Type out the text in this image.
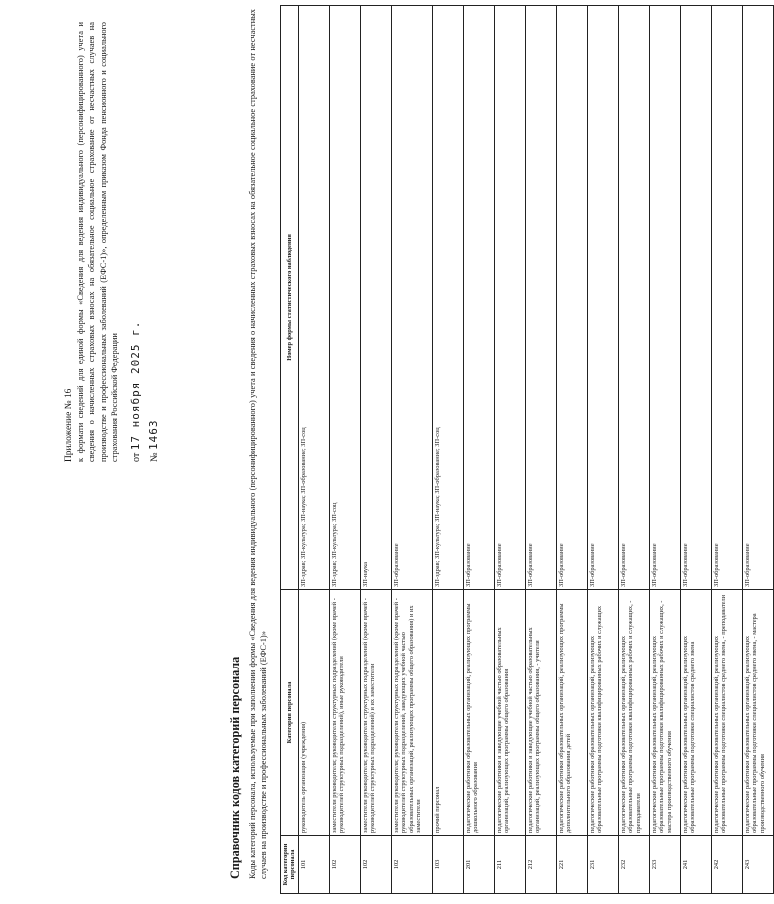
Приложение № 16 к формати сведений для единой формы «Сведения для ведения индивидуального (персонифицированного) учета и сведения о начисленных страховых взносах на обязательное социальное страхование от несчастных случаев на производстве и профессиональных заболеваний (ЕФС-1)», определенным приказом Фонда пенсионного и социального страхования Российской Федерации от 17 ноября 2025 г.
№ 1463
Справочник кодов категорий персонала Коды категорий персонала, используемые при заполнении формы «Сведения для ведения индивидуального (персонифицированного) учета и сведения о начисленных страховых взносах на обязательное социальное страхование от несчастных случаев на производстве и профессиональных заболеваний (ЕФС-1)» Код категории персонала	Категория персонала	Номер формы статистического наблюдения
101	руководитель организации (учреждения)	ЗП-здрав; ЗП-культура; ЗП-наука; ЗП-образование; ЗП-соц
102	заместители руководителя; руководители структурных подразделений (кроме врачей - руководителей структурных подразделений), иные руководители	ЗП-здрав; ЗП-культура; ЗП-соц
102	заместители руководителя; руководители структурных подразделений (кроме врачей - руководителей структурных подразделений) и их заместители	ЗП-наука
102	заместители руководителя; руководители структурных подразделений (кроме врачей - руководителей структурных подразделений, заведующих учебной частью образовательных организаций, реализующих программы общего образования) и их заместители	ЗП-образование
103	прочий персонал	ЗП-здрав; ЗП-культура; ЗП-наука; ЗП-образование; ЗП-соц
201	педагогические работники образовательных организаций, реализующих программы дошкольного образования	ЗП-образование
211	педагогические работники и заведующие учебной частью образовательных организаций, реализующих программы общего образования	ЗП-образование
212	педагогические работники и заведующие учебной частью образовательных организаций, реализующих программы общего образования, - учителя	ЗП-образование
221	педагогические работники образовательных организаций, реализующих программы дополнительного образования детей	ЗП-образование
231	педагогические работники образовательных организаций, реализующих образовательные программы подготовки квалифицированных рабочих и служащих	ЗП-образование
232	педагогические работники образовательных организаций, реализующих образовательные программы подготовки квалифицированных рабочих и служащих, - преподаватели	ЗП-образование
233	педагогические работники образовательных организаций, реализующих образовательные программы подготовки квалифицированных рабочих и служащих, - мастера производственного обучения	ЗП-образование
241	педагогические работники образовательных организаций, реализующих образовательные программы подготовки специалистов среднего звена	ЗП-образование
242	педагогические работники образовательных организаций, реализующих образовательные программы подготовки специалистов среднего звена, - преподаватели	ЗП-образование
243	педагогические работники образовательных организаций, реализующих образовательные программы подготовки специалистов среднего звена, - мастера производственного обучения	ЗП-образование
